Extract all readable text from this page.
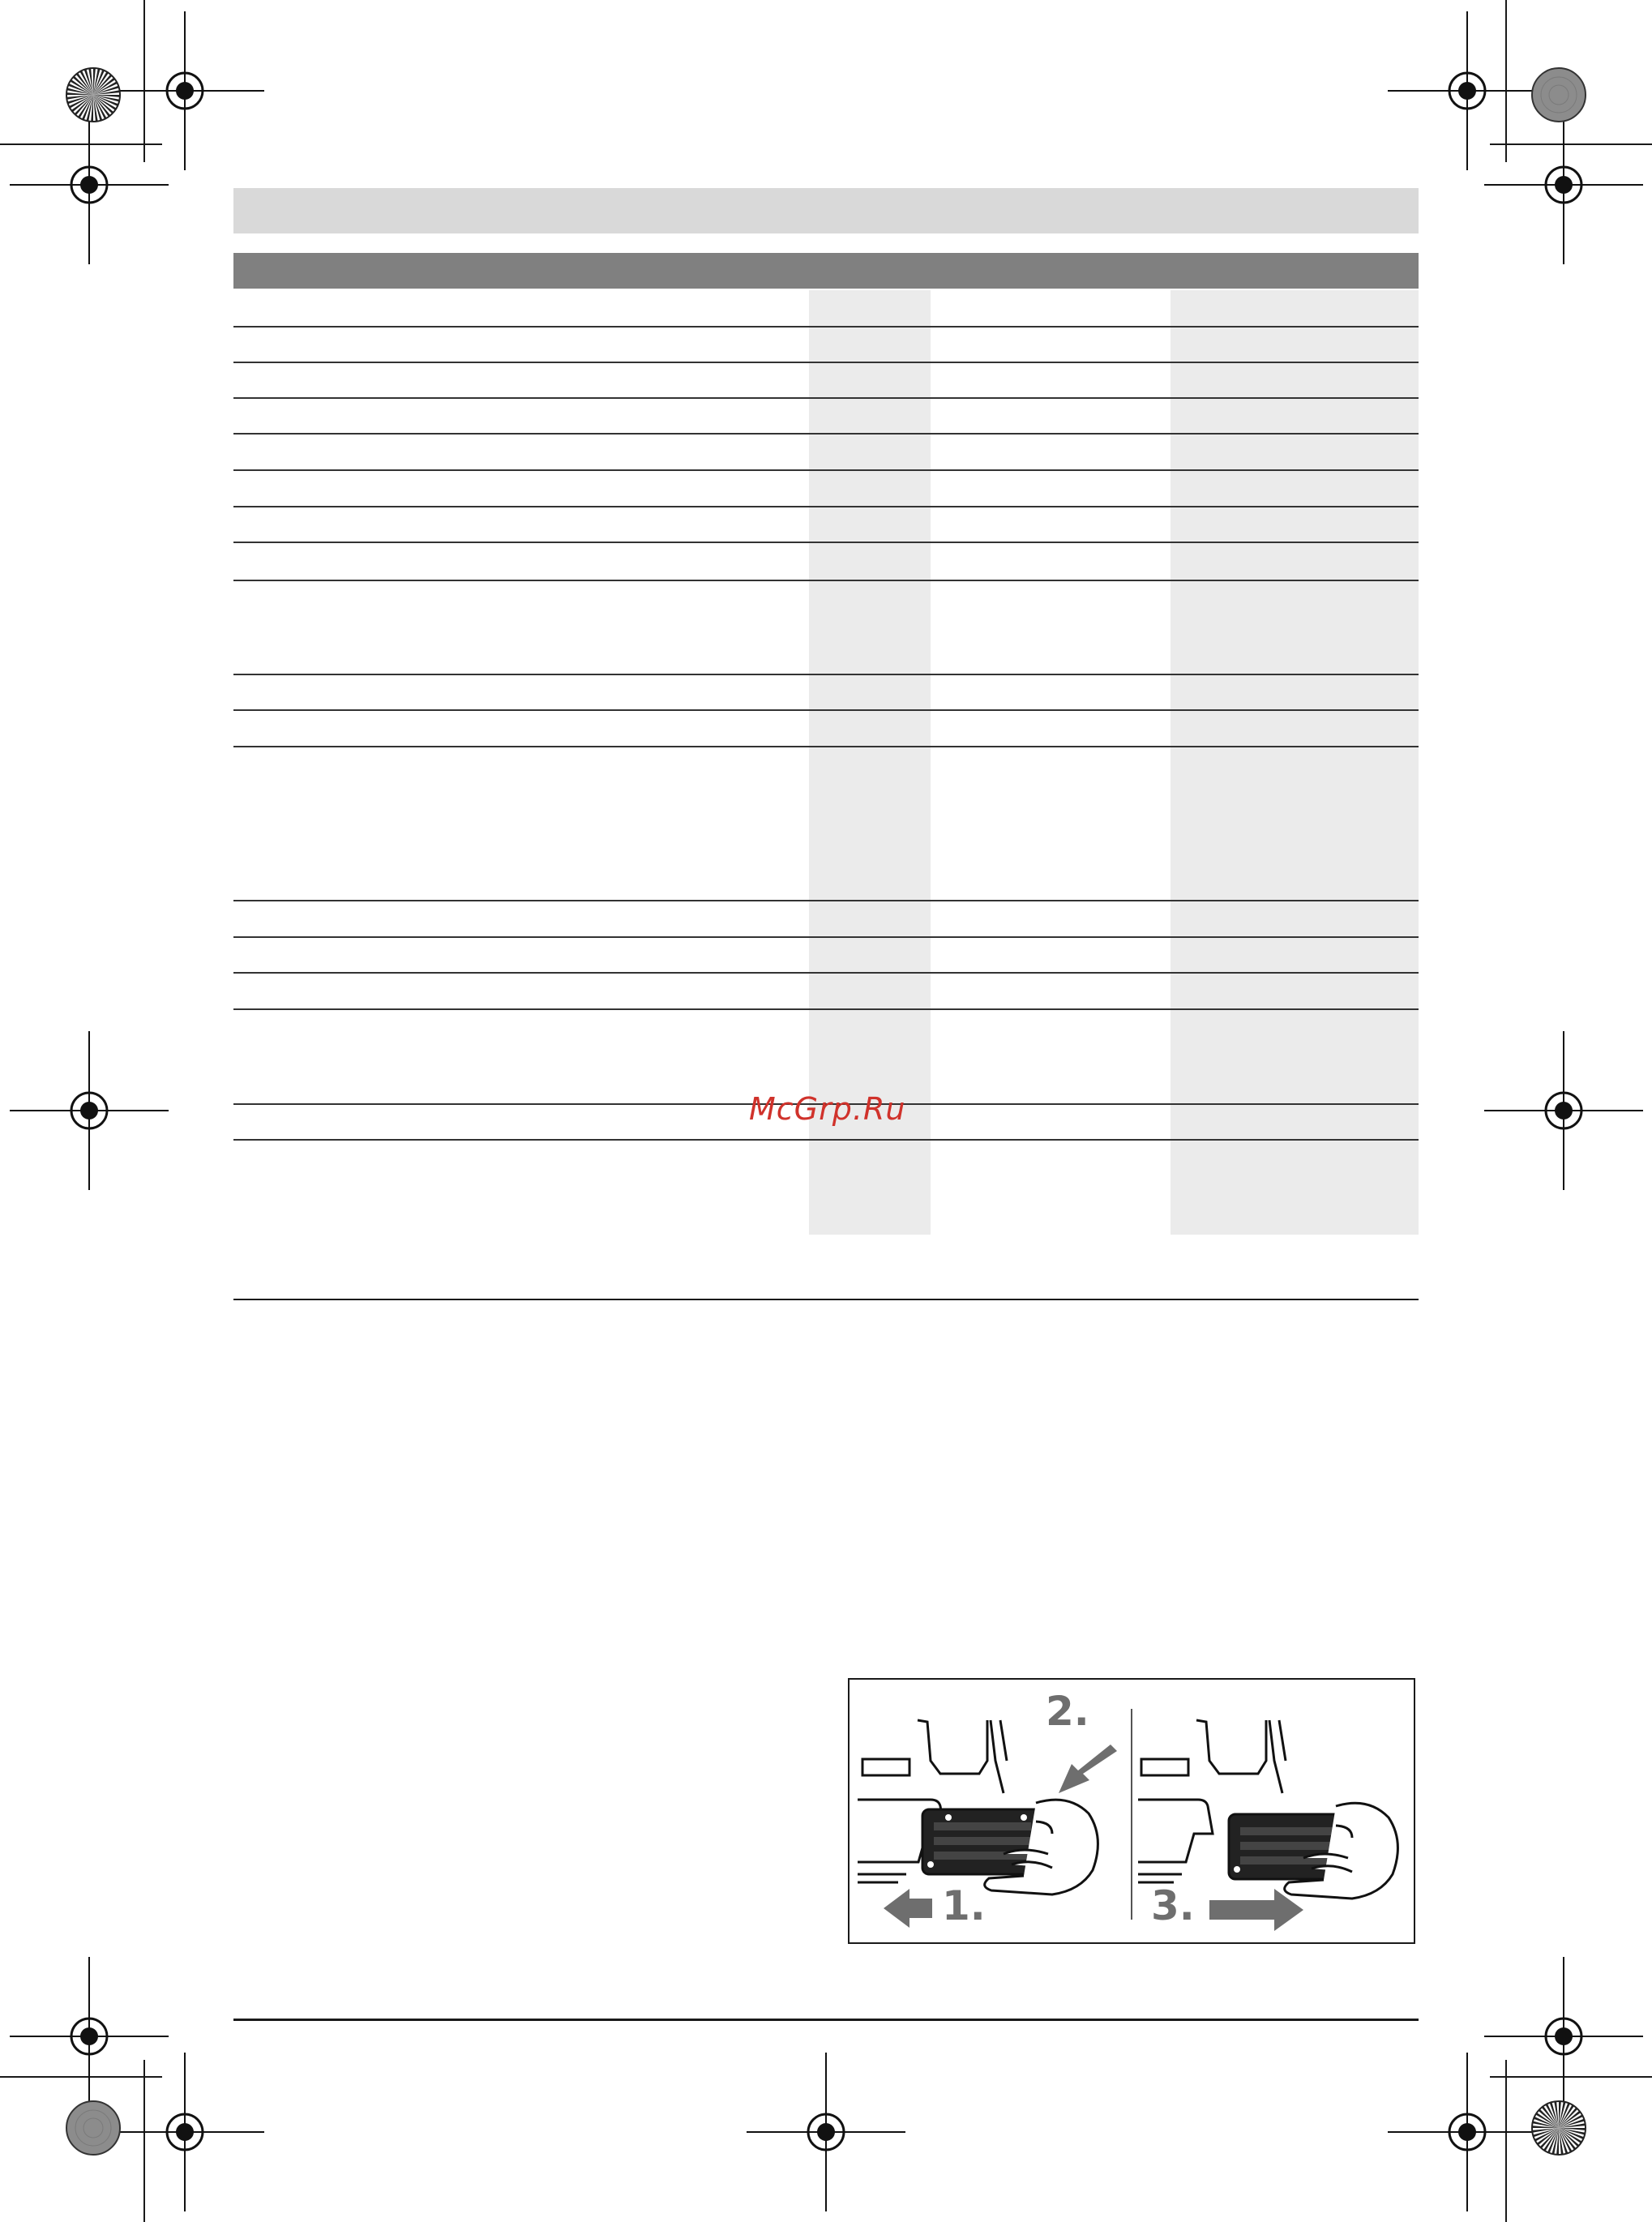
McGrp.Ru
2.
1.	3.
